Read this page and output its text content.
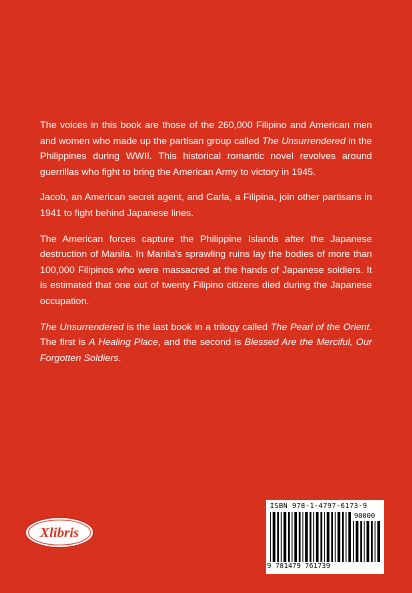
The voices in this book are those of the 260,000 Filipino and American men and women who made up the partisan group called The Unsurrendered in the Philippines during WWII. This historical romantic novel revolves around guerrillas who fight to bring the American Army to victory in 1945.

Jacob, an American secret agent, and Carla, a Filipina, join other partisans in 1941 to fight behind Japanese lines.

The American forces capture the Philippine Islands after the Japanese destruction of Manila. In Manila's sprawling ruins lay the bodies of more than 100,000 Filipinos who were massacred at the hands of Japanese soldiers. It is estimated that one out of twenty Filipino citizens died during the Japanese occupation.

The Unsurrendered is the last book in a trilogy called The Pearl of the Orient. The first is A Healing Place, and the second is Blessed Are the Merciful, Our Forgotten Soldiers.

Xlibris
ISBN 978-1-4797-6173-9
90000
9 781479 761739
